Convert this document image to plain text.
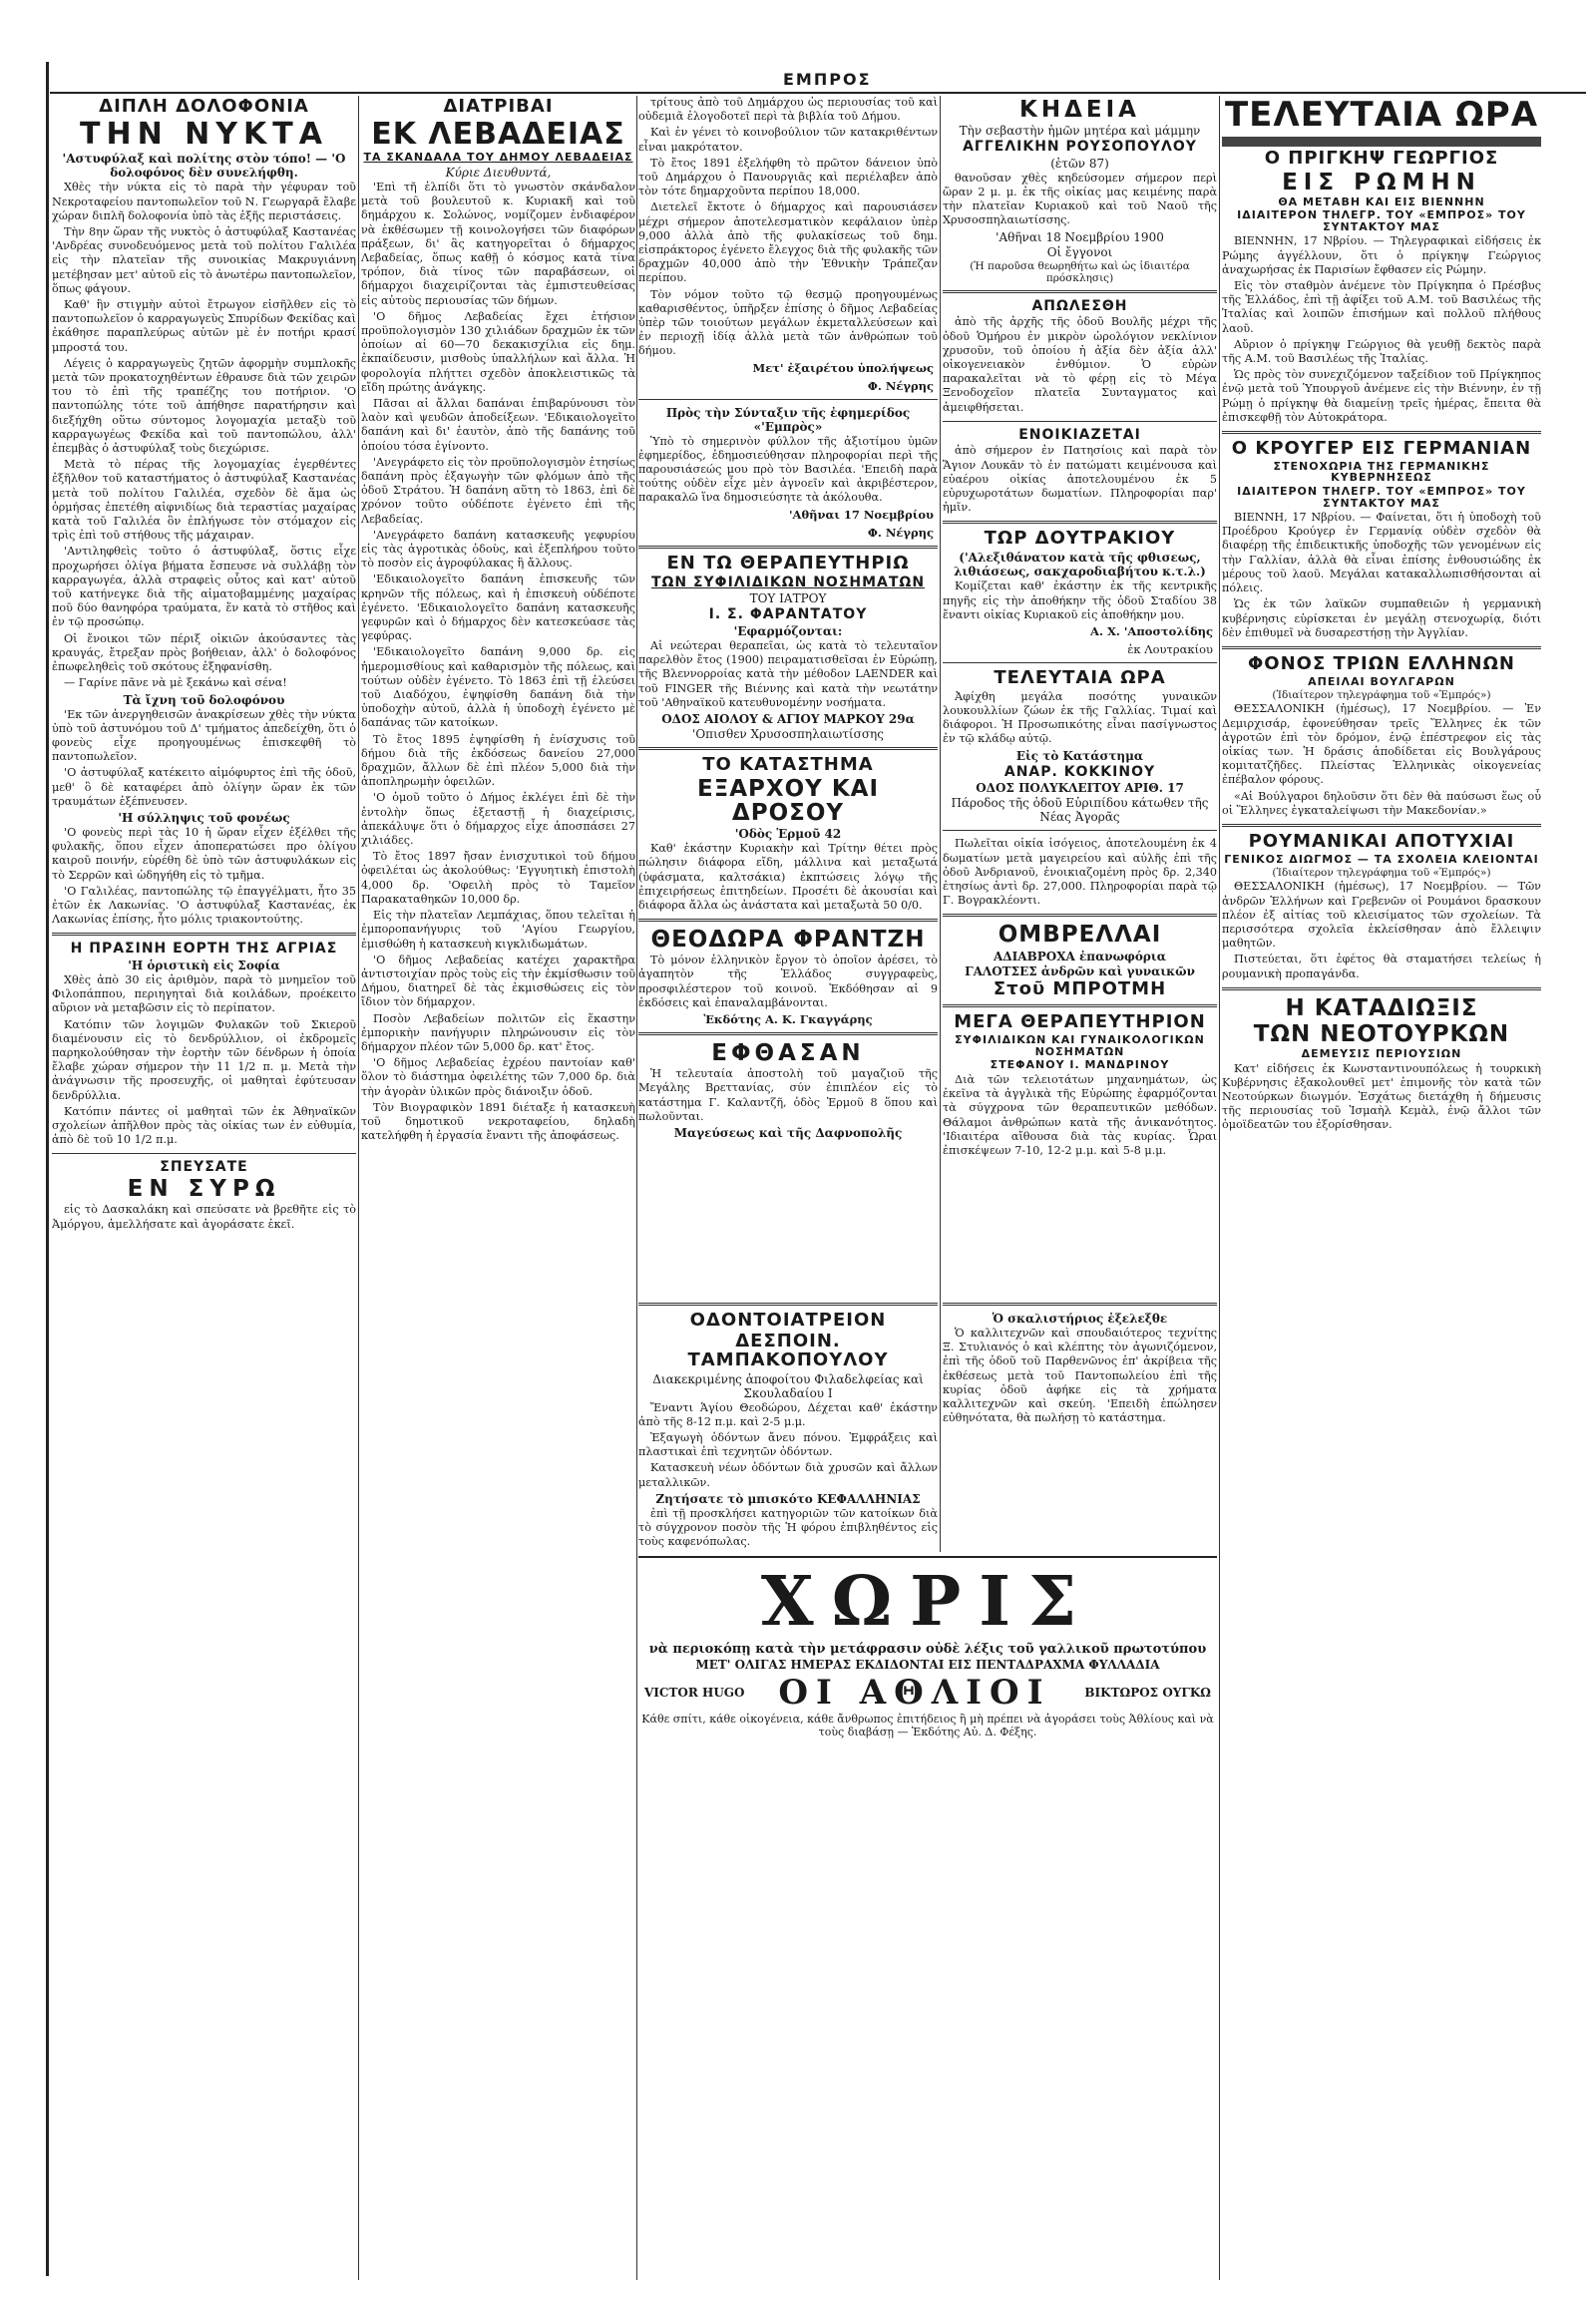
ΕΜΠΡΟΣ
ΔΙΠΛΗ ΔΟΛΟΦΟΝΙΑ
ΤΗΝ ΝΥΚΤΑ
'Αστυφύλαξ καὶ πολίτης στὸν τόπο! — 'Ο δολοφόνος δὲν συνελήφθη.

Χθὲς τὴν νύκτα εἰς τὸ παρὰ τὴν γέφυραν τοῦ Νεκροταφείου παντοπωλεῖον τοῦ Ν. Γεωργαρᾶ ἔλαβε χώραν διπλῆ δολοφονία ὑπὸ τὰς ἑξῆς περιστάσεις.

Τὴν 8ην ὥραν τῆς νυκτὸς ὁ ἀστυφύλαξ Καστανέας 'Ανδρέας συνοδευόμενος μετὰ τοῦ πολίτου Γαλιλέα εἰς τὴν πλατεῖαν τῆς συνοικίας Μακρυγιάννη μετέβησαν μετ' αὐτοῦ εἰς τὸ ἀνωτέρω παντοπωλεῖον, ὅπως φάγουν.

Καθ' ἣν στιγμὴν αὐτοὶ ἔτρωγον εἰσῆλθεν εἰς τὸ παντοπωλεῖον ὁ καρραγωγεὺς Σπυρίδων Φεκίδας καὶ ἐκάθησε παραπλεύρως αὐτῶν μὲ ἐν ποτήρι κρασί μπροστά του.

Λέγεις ὁ καρραγωγεὺς ζητῶν ἀφορμὴν συμπλοκῆς μετὰ τῶν προκατοχηθέντων ἐθραυσε διὰ τῶν χειρῶν του τὸ ἐπὶ τῆς τραπέζης του ποτήριον. 'Ο παντοπώλης τότε τοῦ ἀπήθησε παρατήρησιν καὶ διεξήχθη οὕτω σύντομος λογομαχία μεταξὺ τοῦ καρραγωγέως Φεκίδα καὶ τοῦ παντοπώλου, ἀλλ' ἐπεμβὰς ὁ ἀστυφύλαξ τοὺς διεχώρισε.

Μετὰ τὸ πέρας τῆς λογομαχίας ἐγερθέντες ἐξῆλθον τοῦ καταστήματος ὁ ἀστυφύλαξ Καστανέας μετὰ τοῦ πολίτου Γαλιλέα, σχεδὸν δὲ ἅμα ὡς ὁρμήσας ἐπετέθη αἰφνιδίως διὰ τεραστίας μαχαίρας κατὰ τοῦ Γαλιλέα ὃν ἐπλήγωσε τὸν στόμαχον εἰς τρὶς ἐπὶ τοῦ στήθους τῆς μάχαιραν.

'Αντιληφθεὶς τοῦτο ὁ ἀστυφύλαξ, ὅστις εἶχε προχωρήσει ὀλίγα βήματα ἔσπευσε νὰ συλλάβῃ τὸν καρραγωγέα, ἀλλὰ στραφεὶς οὗτος καὶ κατ' αὐτοῦ τοῦ κατήνεγκε διὰ τῆς αἱματοβαμμένης μαχαίρας ποῦ δύο θανηφόρα τραύματα, ἕν κατὰ τὸ στῆθος καὶ ἐν τῷ προσώπῳ.

Οἱ ἔνοικοι τῶν πέριξ οἰκιῶν ἀκούσαντες τὰς κραυγάς, ἔτρεξαν πρὸς βοήθειαν, ἀλλ' ὁ δολοφόνος ἐπωφεληθεὶς τοῦ σκότους ἐξηφανίσθη.

— Γαρίνε πᾶνε νὰ μὲ ξεκάνω καὶ σένα!

Τὰ ἴχνη τοῦ δολοφόνου

'Εκ τῶν ἀνεργηθεισῶν ἀνακρίσεων χθὲς τὴν νύκτα ὑπὸ τοῦ ἀστυνόμου τοῦ Δ' τμήματος ἀπεδείχθη, ὅτι ὁ φονεὺς εἶχε προηγουμένως ἐπισκεφθῆ τὸ παντοπωλεῖον.

'Ο ἀστυφύλαξ κατέκειτο αἱμόφυρτος ἐπὶ τῆς ὁδοῦ, μεθ' ὃ δὲ καταφέρει ἀπὸ ὀλίγην ὥραν ἐκ τῶν τραυμάτων ἐξέπνευσεν.

'Η σύλληψις τοῦ φονέως

'Ο φονεὺς περὶ τὰς 10 ἡ ὥραν εἶχεν ἐξέλθει τῆς φυλακῆς, ὅπου εἶχεν ἀποπερατώσει προ ὀλίγου καιροῦ ποινήν, εὑρέθη δὲ ὑπὸ τῶν ἀστυφυλάκων εἰς τὸ Σερρῶν καὶ ὡδηγήθη εἰς τὸ τμῆμα.

'Ο Γαλιλέας, παντοπώλης τῷ ἐπαγγέλματι, ἦτο 35 ἐτῶν ἐκ Λακωνίας. 'Ο ἀστυφύλαξ Καστανέας, ἐκ Λακωνίας ἐπίσης, ἦτο μόλις τριακοντούτης.

Η ΠΡΑΣΙΝΗ ΕΟΡΤΗ ΤΗΣ ΑΓΡΙΑΣ
'Η ὁριστικὴ εἰς Σοφία

Χθὲς ἀπὸ 30 εἰς ἀριθμὸν, παρὰ τὸ μνημεῖον τοῦ Φιλοπάππου, περιηγηταὶ διὰ κοιλάδων, προέκειτο αὔριον νὰ μεταβῶσιν εἰς τὸ περίπατον.

Κατόπιν τῶν λογιμῶν Φυλακῶν τοῦ Σκιεροῦ διαμένουσιν εἰς τὸ δενδρύλλιον, οἱ ἐκδρομεῖς παρηκολούθησαν τὴν ἑορτὴν τῶν δένδρων ἡ ὁποία ἔλαβε χώραν σήμερον τὴν 11 1/2 π. μ. Μετὰ τὴν ἀνάγνωσιν τῆς προσευχῆς, οἱ μαθηταὶ ἐφύτευσαν δενδρύλλια.

Κατόπιν πάντες οἱ μαθηταὶ τῶν ἐκ Ἀθηναϊκῶν σχολείων ἀπῆλθον πρὸς τὰς οἰκίας των ἐν εὐθυμία, ἀπὸ δὲ τοῦ 10 1/2 π.μ.

ΣΠΕΥΣΑΤΕ
ΕΝ ΣΥΡΩ

εἰς τὸ Δασκαλάκη καὶ σπεύσατε νὰ βρεθῆτε εἰς τὸ Ἀμόργου, ἀμελλήσατε καὶ ἀγοράσατε ἐκεῖ.

ΔΙΑΤΡΙΒΑΙ
ΕΚ ΛΕΒΑΔΕΙΑΣ
ΤΑ ΣΚΑΝΔΑΛΑ ΤΟΥ ΔΗΜΟΥ ΛΕΒΑΔΕΙΑΣ
Κύριε Διευθυντά,

'Επὶ τῆ ἐλπίδι ὅτι τὸ γνωστὸν σκάνδαλον μετὰ τοῦ βουλευτοῦ κ. Κυριακῆ καὶ τοῦ δημάρχου κ. Σολώνος, νομίζομεν ἐνδιαφέρον νὰ ἐκθέσωμεν τῇ κοινολογήσει τῶν διαφόρων πράξεων, δι' ἃς κατηγορεῖται ὁ δήμαρχος Λεβαδείας, ὅπως καθῇ ὁ κόσμος κατὰ τίνα τρόπον, διὰ τίνος τῶν παραβάσεων, οἱ δήμαρχοι διαχειρίζονται τὰς ἐμπιστευθείσας εἰς αὐτοὺς περιουσίας τῶν δήμων.

'Ο δῆμος Λεβαδείας ἔχει ἐτήσιον προϋπολογισμὸν 130 χιλιάδων δραχμῶν ἐκ τῶν ὁποίων αἱ 60—70 δεκακισχίλια εἰς δημ. ἐκπαίδευσιν, μισθοὺς ὑπαλλήλων καὶ ἄλλα. Ἡ φορολογία πλήττει σχεδὸν ἀποκλειστικῶς τὰ εἴδη πρώτης ἀνάγκης.

Πᾶσαι αἱ ἄλλαι δαπάναι ἐπιβαρύνουσι τὸν λαὸν καὶ ψευδῶν ἀποδείξεων. 'Εδικαιολογεῖτο δαπάνη καὶ δι' ἑαυτὸν, ἀπὸ τῆς δαπάνης τοῦ ὁποίου τόσα ἐγίνοντο.

'Ανεγράφετο εἰς τὸν προϋπολογισμὸν ἐτησίως δαπάνη πρὸς ἐξαγωγὴν τῶν φλόμων ἀπὸ τῆς ὁδοῦ Στράτου. Ἡ δαπάνη αὕτη τὸ 1863, ἐπὶ δὲ χρόνον τοῦτο οὐδέποτε ἐγένετο ἐπὶ τῆς Λεβαδείας.

'Ανεγράφετο δαπάνη κατασκευῆς γεφυρίου εἰς τὰς ἀγροτικὰς ὁδοὺς, καὶ ἐξεπλήρου τοῦτο τὸ ποσὸν εἰς ἀγροφύλακας ἢ ἄλλους.

'Εδικαιολογεῖτο δαπάνη ἐπισκευῆς τῶν κρηνῶν τῆς πόλεως, καὶ ἡ ἐπισκευὴ οὐδέποτε ἐγένετο. 'Εδικαιολογεῖτο δαπάνη κατασκευῆς γεφυρῶν καὶ ὁ δήμαρχος δὲν κατεσκεύασε τὰς γεφύρας.

'Εδικαιολογεῖτο δαπάνη 9,000 δρ. εἰς ἡμερομισθίους καὶ καθαρισμὸν τῆς πόλεως, καὶ τούτων οὐδὲν ἐγένετο. Τὸ 1863 ἐπὶ τῇ ἐλεύσει τοῦ Διαδόχου, ἐψηφίσθη δαπάνη διὰ τὴν ὑποδοχὴν αὐτοῦ, ἀλλὰ ἡ ὑποδοχὴ ἐγένετο μὲ δαπάνας τῶν κατοίκων.

Τὸ ἔτος 1895 ἐψηφίσθη ἡ ἐνίσχυσις τοῦ δήμου διὰ τῆς ἐκδόσεως δανείου 27,000 δραχμῶν, ἄλλων δὲ ἐπὶ πλέον 5,000 διὰ τὴν ἀποπληρωμὴν ὀφειλῶν.

'Ο ὁμοῦ τοῦτο ὁ Δήμος ἐκλέγει ἐπὶ δὲ τὴν ἐντολὴν ὅπως ἐξεταστῇ ἡ διαχείρισις, ἀπεκάλυψε ὅτι ὁ δήμαρχος εἶχε ἀποσπάσει 27 χιλιάδες.

Τὸ ἔτος 1897 ἤσαν ἐνισχυτικοὶ τοῦ δήμου ὀφειλέται ὡς ἀκολούθως: 'Εγγυητικὴ ἐπιστολὴ 4,000 δρ. 'Οφειλὴ πρὸς τὸ Ταμεῖον Παρακαταθηκῶν 10,000 δρ.

Εἰς τὴν πλατεῖαν Λεμπάχιας, ὅπου τελεῖται ἡ ἐμποροπανήγυρις τοῦ 'Αγίου Γεωργίου, ἐμισθώθη ἡ κατασκευὴ κιγκλιδωμάτων.

'Ο δῆμος Λεβαδείας κατέχει χαρακτῆρα ἀντιστοιχίαν πρὸς τοὺς εἰς τὴν ἐκμίσθωσιν τοῦ Δήμου, διατηρεῖ δὲ τὰς ἐκμισθώσεις εἰς τὸν ἴδιον τὸν δήμαρχον.

Ποσὸν Λεβαδείων πολιτῶν εἰς ἕκαστην ἐμπορικὴν πανήγυριν πληρώνουσιν εἰς τὸν δήμαρχον πλέον τῶν 5,000 δρ. κατ' ἔτος.

'Ο δῆμος Λεβαδείας ἐχρέου παντοίαν καθ' ὅλον τὸ διάστημα ὀφειλέτης τῶν 7,000 δρ. διὰ τὴν ἀγορὰν ὑλικῶν πρὸς διάνοιξιν ὁδοῦ.

Τὸν Βιογραφικὸν 1891 διέταξε ἡ κατασκευὴ τοῦ δημοτικοῦ νεκροταφείου, δηλαδὴ κατελήφθη ἡ ἐργασία ἔναντι τῆς ἀποφάσεως.

τρίτους ἀπὸ τοῦ Δημάρχου ὡς περιουσίας τοῦ καὶ οὐδεμιᾶ ἐλογοδοτεῖ περὶ τὰ βιβλία τοῦ Δήμου.

Καὶ ἐν γένει τὸ κοινοβούλιον τῶν κατακριθέντων εἶναι μακρότατον.

Τὸ ἔτος 1891 ἐξελήφθη τὸ πρῶτον δάνειον ὑπὸ τοῦ Δημάρχου ὁ Πανουργιᾶς καὶ περιέλαβεν ἀπὸ τὸν τότε δημαρχοῦντα περίπου 18,000.

Διετελεῖ ἔκτοτε ὁ δήμαρχος καὶ παρουσιάσεν μέχρι σήμερον ἀποτελεσματικὸν κεφάλαιον ὑπὲρ 9,000 ἀλλὰ ἀπὸ τῆς φυλακίσεως τοῦ δημ. εἰσπράκτορος ἐγένετο ἔλεγχος διὰ τῆς φυλακῆς τῶν δραχμῶν 40,000 ἀπὸ τὴν Ἐθνικὴν Τράπεζαν περίπου.

Τὸν νόμον τοῦτο τῷ θεσμῷ προηγουμένως καθαρισθέντος, ὑπῆρξεν ἐπίσης ὁ δῆμος Λεβαδείας ὑπὲρ τῶν τοιούτων μεγάλων ἐκμεταλλεύσεων καὶ ἐν περιοχῇ ἰδίᾳ ἀλλὰ μετὰ τῶν ἀνθρώπων τοῦ δήμου.

Μετ' ἐξαιρέτου ὑπολήψεως
Φ. Νέγρης
Πρὸς τὴν Σύνταξιν τῆς ἐφημερίδος «'Εμπρὸς»

Ὑπὸ τὸ σημερινὸν φύλλον τῆς ἀξιοτίμου ὑμῶν ἐφημερίδος, ἐδημοσιεύθησαν πληροφορίαι περὶ τῆς παρουσιάσεώς μου πρὸ τὸν Βασιλέα. 'Επειδὴ παρὰ τούτης οὐδὲν εἶχε μὲν ἀγνοεῖν καὶ ἀκριβέστερον, παρακαλῶ ἵνα δημοσιεύσητε τὰ ἀκόλουθα.

'Αθῆναι 17 Νοεμβρίου
Φ. Νέγρης
ΕΝ ΤΩ ΘΕΡΑΠΕΥΤΗΡΙΩ
ΤΩΝ ΣΥΦΙΛΙΔΙΚΩΝ ΝΟΣΗΜΑΤΩΝ
ΤΟΥ ΙΑΤΡΟΥ
Ι. Σ. ΦΑΡΑΝΤΑΤΟΥ
'Εφαρμόζονται:

Αἱ νεώτεραι θεραπεῖαι, ὡς κατὰ τὸ τελευταῖον παρελθὸν ἔτος (1900) πειραματισθεῖσαι ἐν Εὐρώπῃ, τῆς Βλεννορροίας κατὰ τὴν μέθοδον LAENDER καὶ τοῦ FINGER τῆς Βιέννης καὶ κατὰ τὴν νεωτάτην τοῦ 'Αθηναϊκοῦ κατευθυνομένην νοσήματα.

ΟΔΟΣ ΑΙΟΛΟΥ & ΑΓΙΟΥ ΜΑΡΚΟΥ 29α
'Οπισθεν Χρυσοσπηλαιωτίσσης
ΤΟ ΚΑΤΑΣΤΗΜΑ
ΕΞΑΡΧΟΥ ΚΑΙ ΔΡΟΣΟΥ
'Οδὸς Ἑρμοῦ 42

Καθ' ἑκάστην Κυριακὴν καὶ Τρίτην θέτει πρὸς πώλησιν διάφορα εἴδη, μάλλινα καὶ μεταξωτά (ὑφάσματα, καλτσάκια) ἐκπτώσεις λόγῳ τῆς ἐπιχειρήσεως ἐπιτηδείων. Προσέτι δὲ ἀκουσίαι καὶ διάφορα ἄλλα ὡς ἀνάστατα καὶ μεταξωτὰ 50 0/0.

ΘΕΟΔΩΡΑ ΦΡΑΝΤΖΗ

Τὸ μόνον ἑλληνικὸν ἔργον τὸ ὁποῖον ἀρέσει, τὸ ἀγαπητὸν τῆς Ἑλλάδος συγγραφεὺς, προσφιλέστερον τοῦ κοινοῦ. Ἐκδόθησαν αἱ 9 ἐκδόσεις καὶ ἐπαναλαμβάνονται.

Ἐκδότης Α. Κ. Γκαγγάρης
ΕΦΘΑΣΑΝ

Ἡ τελευταία ἀποστολὴ τοῦ μαγαζιοῦ τῆς Μεγάλης Βρεττανίας, σύν ἐπιπλέον εἰς τὸ κατάστημα Γ. Καλαντζῆ, ὁδὸς Ἑρμοῦ 8 ὅπου καὶ πωλοῦνται.

Μαγεύσεως καὶ τῆς Δαφνοπολῆς
ΚΗΔΕΙΑ
Τὴν σεβαστὴν ἡμῶν μητέρα καὶ μάμμην
ΑΓΓΕΛΙΚΗΝ ΡΟΥΣΟΠΟΥΛΟΥ
(ἐτῶν 87)

θανοῦσαν χθὲς κηδεύσομεν σήμερον περὶ ὥραν 2 μ. μ. ἐκ τῆς οἰκίας μας κειμένης παρὰ τὴν πλατεῖαν Κυριακοῦ καὶ τοῦ Ναοῦ τῆς Χρυσοσπηλαιωτίσσης.

'Αθῆναι 18 Νοεμβρίου 1900
Οἱ ἔγγονοι
(Ἡ παροῦσα θεωρηθήτω καὶ ὡς ἰδιαιτέρα πρόσκλησις)
ΑΠΩΛΕΣΘΗ

ἀπὸ τῆς ἀρχῆς τῆς ὁδοῦ Βουλῆς μέχρι τῆς ὁδοῦ Ὁμήρου ἐν μικρὸν ὡρολόγιον νεκλίνιον χρυσοῦν, τοῦ ὁποίου ἡ ἀξία δὲν ἀξία ἀλλ' οἰκογενειακὸν ἐνθύμιον. Ὁ εὑρὼν παρακαλεῖται νὰ τὸ φέρῃ εἰς τὸ Μέγα Ξενοδοχεῖον πλατεῖα Συνταγματος καὶ ἀμειφθήσεται.

ΕΝΟΙΚΙΑΖΕΤΑΙ

ἀπὸ σήμερον ἐν Πατησίοις καὶ παρὰ τὸν Ἅγιον Λουκᾶν τὸ ἐν πατώματι κειμένουσα καὶ εὐαέρου οἰκίας ἀποτελουμένου ἐκ 5 εὐρυχωροτάτων δωματίων. Πληροφορίαι παρ' ἡμῖν.

ΤΩΡ ΔΟΥΤΡΑΚΙΟΥ
('Αλεξιθάνατον κατὰ τῆς φθισεως, λιθιάσεως, σακχαροδιαβήτου κ.τ.λ.)

Κομίζεται καθ' ἑκάστην ἐκ τῆς κεντρικῆς πηγῆς εἰς τὴν ἀποθήκην τῆς ὁδοῦ Σταδίου 38 ἔναντι οἰκίας Κυριακοῦ εἰς ἀποθήκην μου.

Α. Χ. 'Αποστολίδης
ἐκ Λουτρακίου
ΤΕΛΕΥΤΑΙΑ ΩΡΑ

Ἀφίχθη μεγάλα ποσότης γυναικῶν λουκουλλίων ζώων ἐκ τῆς Γαλλίας. Τιμαί καὶ διάφοροι. Ἡ Προσωπικότης εἶναι πασίγνωστος ἐν τῷ κλάδῳ αὐτῷ.

Εἰς τὸ Κατάστημα
ΑΝΑΡ. ΚΟΚΚΙΝΟΥ
ΟΔΟΣ ΠΟΛΥΚΛΕΙΤΟΥ ΑΡΙΘ. 17
Πάροδος τῆς ὁδοῦ Εὐριπίδου κάτωθεν τῆς Νέας Ἀγορᾶς

Πωλεῖται οἰκία ἰσόγειος, ἀποτελουμένη ἐκ 4 δωματίων μετὰ μαγειρείου καὶ αὐλῆς ἐπὶ τῆς ὁδοῦ Ἀνδριανοῦ, ἐνοικιαζομένη πρὸς δρ. 2,340 ἐτησίως ἀντὶ δρ. 27,000. Πληροφορίαι παρὰ τῷ Γ. Βογρακλέοντι.

ΟΜΒΡΕΛΛΑΙ
ΑΔΙΑΒΡΟΧΑ ἐπανωφόρια
ΓΑΛΟΤΣΕΣ ἀνδρῶν καὶ γυναικῶν
Στοῦ ΜΠΡΟΤΜΗ
ΜΕΓΑ ΘΕΡΑΠΕΥΤΗΡΙΟΝ
ΣΥΦΙΛΙΔΙΚΩΝ ΚΑΙ ΓΥΝΑΙΚΟΛΟΓΙΚΩΝ ΝΟΣΗΜΑΤΩΝ
ΣΤΕΦΑΝΟΥ Ι. ΜΑΝΔΡΙΝΟΥ

Διὰ τῶν τελειοτάτων μηχανημάτων, ὡς ἐκεῖνα τὰ ἀγγλικὰ τῆς Εὐρώπης ἐφαρμόζονται τὰ σύγχρονα τῶν θεραπευτικῶν μεθόδων. Θάλαμοι ἀνθρώπων κατὰ τῆς ἀνικανότητος. 'Ιδιαιτέρα αἴθουσα διὰ τὰς κυρίας. Ὧραι ἐπισκέψεων 7-10, 12-2 μ.μ. καὶ 5-8 μ.μ.

ΟΔΟΝΤΟΙΑΤΡΕΙΟΝ
ΔΕΣΠΟΙΝ. ΤΑΜΠΑΚΟΠΟΥΛΟΥ
Διακεκριμένης ἀποφοίτου Φιλαδελφείας καὶ Σκουλαδαίου Ι

Ἔναντι Ἁγίου Θεοδώρου, Δέχεται καθ' ἑκάστην ἀπὸ τῆς 8-12 π.μ. καὶ 2-5 μ.μ.

Ἐξαγωγὴ ὀδόντων ἄνευ πόνου. Ἐμφράξεις καὶ πλαστικαὶ ἐπὶ τεχνητῶν ὀδόντων.

Κατασκευὴ νέων ὀδόντων διὰ χρυσῶν καὶ ἄλλων μεταλλικῶν.

Ζητήσατε τὸ μπισκότο ΚΕΦΑΛΛΗΝΙΑΣ

ἐπὶ τῇ προσκλήσει κατηγοριῶν τῶν κατοίκων διὰ τὸ σύγχρονον ποσὸν τῆς Ἡ φόρου ἐπιβληθέντος εἰς τοὺς καφενόπωλας.

Ὁ σκαλιστήριος ἐξελεξθε

Ὁ καλλιτεχνῶν καὶ σπουδαιότερος τεχνίτης Ξ. Στυλιανός ὁ καὶ κλέπτης τὸν ἀγωνιζόμενον, ἐπὶ τῆς ὁδοῦ τοῦ Παρθενῶνος ἐπ' ἀκρίβεια τῆς ἐκθέσεως μετὰ τοῦ Παντοπωλείου ἐπὶ τῆς κυρίας ὁδοῦ ἀφήκε εἰς τὰ χρήματα καλλιτεχνῶν καὶ σκεύη. 'Επειδὴ ἐπώλησεν εὐθηνότατα, θὰ πωλήσῃ τὸ κατάστημα.

ΧΩΡΙΣ
νὰ περιοκόπῃ κατὰ τὴν μετάφρασιν οὐδὲ λέξις τοῦ γαλλικοῦ πρωτοτύπου
ΜΕΤ' ΟΛΙΓΑΣ ΗΜΕΡΑΣ ΕΚΔΙΔΟΝΤΑΙ ΕΙΣ ΠΕΝΤΑΔΡΑΧΜΑ ΦΥΛΛΑΔΙΑ
VICTOR HUGO ΟΙ ΑΘΛΙΟΙ	ΒΙΚΤΩΡΟΣ ΟΥΓΚΩ
Κάθε σπίτι, κάθε οἰκογένεια, κάθε ἄνθρωπος ἐπιτήδειος ἢ μὴ πρέπει νὰ ἀγοράσει τοὺς Ἀθλίους καὶ νὰ τοὺς διαβάσῃ — Ἐκδότης Αὐ. Δ. Φέξης.
ΤΕΛΕΥΤΑΙΑ ΩΡΑ
Ο ΠΡΙΓΚΗΨ ΓΕΩΡΓΙΟΣ
ΕΙΣ ΡΩΜΗΝ
ΘΑ ΜΕΤΑΒΗ ΚΑΙ ΕΙΣ ΒΙΕΝΝΗΝ
ΙΔΙΑΙΤΕΡΟΝ ΤΗΛΕΓΡ. ΤΟΥ «ΕΜΠΡΟΣ» ΤΟΥ ΣΥΝΤΑΚΤΟΥ ΜΑΣ

ΒΙΕΝΝΗΝ, 17 Νβρίου. — Τηλεγραφικαὶ εἰδήσεις ἐκ Ρώμης ἀγγέλλουν, ὅτι ὁ πρίγκηψ Γεώργιος ἀναχωρήσας ἐκ Παρισίων ἔφθασεν εἰς Ρώμην.

Εἰς τὸν σταθμὸν ἀνέμενε τὸν Πρίγκηπα ὁ Πρέσβυς τῆς Ἑλλάδος, ἐπὶ τῇ ἀφίξει τοῦ Α.Μ. τοῦ Βασιλέως τῆς Ἰταλίας καὶ λοιπῶν ἐπισήμων καὶ πολλοῦ πλήθους λαοῦ.

Αὔριον ὁ πρίγκηψ Γεώργιος θὰ γευθῇ δεκτὸς παρὰ τῆς Α.Μ. τοῦ Βασιλέως τῆς Ἰταλίας.

Ὡς πρὸς τὸν συνεχιζόμενον ταξείδιον τοῦ Πρίγκηπος ἐνῷ μετὰ τοῦ Ὑπουργοῦ ἀνέμενε εἰς τὴν Βιέννην, ἐν τῇ Ρώμῃ ὁ πρίγκηψ θὰ διαμείνῃ τρεῖς ἡμέρας, ἔπειτα θὰ ἐπισκεφθῇ τὸν Αὐτοκράτορα.

Ο ΚΡΟΥΓΕΡ ΕΙΣ ΓΕΡΜΑΝΙΑΝ
ΣΤΕΝΟΧΩΡΙΑ ΤΗΣ ΓΕΡΜΑΝΙΚΗΣ ΚΥΒΕΡΝΗΣΕΩΣ
ΙΔΙΑΙΤΕΡΟΝ ΤΗΛΕΓΡ. ΤΟΥ «ΕΜΠΡΟΣ» ΤΟΥ ΣΥΝΤΑΚΤΟΥ ΜΑΣ

ΒΙΕΝΝΗ, 17 Νβρίου. — Φαίνεται, ὅτι ἡ ὑποδοχὴ τοῦ Προέδρου Κρούγερ ἐν Γερμανίᾳ οὐδὲν σχεδὸν θὰ διαφέρῃ τῆς ἐπιδεικτικῆς ὑποδοχῆς τῶν γενομένων εἰς τὴν Γαλλίαν, ἀλλὰ θὰ εἶναι ἐπίσης ἐνθουσιώδης ἐκ μέρους τοῦ λαοῦ. Μεγάλαι κατακαλλωπισθήσονται αἱ πόλεις.

Ὡς ἐκ τῶν λαϊκῶν συμπαθειῶν ἡ γερμανικὴ κυβέρνησις εὑρίσκεται ἐν μεγάλῃ στενοχωρίᾳ, διότι δὲν ἐπιθυμεῖ νὰ δυσαρεστήσῃ τὴν Ἀγγλίαν.

ΦΟΝΟΣ ΤΡΙΩΝ ΕΛΛΗΝΩΝ
ΑΠΕΙΛΑΙ ΒΟΥΛΓΑΡΩΝ
(Ἰδιαίτερον τηλεγράφημα τοῦ «Ἐμπρός»)

ΘΕΣΣΑΛΟΝΙΚΗ (ἡμέσως), 17 Νοεμβρίου. — Ἐν Δεμιρχισάρ, ἐφονεύθησαν τρεῖς Ἕλληνες ἐκ τῶν ἀγροτῶν ἐπὶ τὸν δρόμον, ἐνῷ ἐπέστρεφον εἰς τὰς οἰκίας των. Ἡ δράσις ἀποδίδεται εἰς Βουλγάρους κομιτατζῆδες. Πλείστας Ἑλληνικὰς οἰκογενείας ἐπέβαλον φόρους.

«Αἱ Βούλγαροι δηλοῦσιν ὅτι δὲν θὰ παύσωσι ἕως οὗ οἱ Ἕλληνες ἐγκαταλείψωσι τὴν Μακεδονίαν.»

ΡΟΥΜΑΝΙΚΑΙ ΑΠΟΤΥΧΙΑΙ
ΓΕΝΙΚΟΣ ΔΙΩΓΜΟΣ — ΤΑ ΣΧΟΛΕΙΑ ΚΛΕΙΟΝΤΑΙ
(Ἰδιαίτερον τηλεγράφημα τοῦ «Ἐμπρός»)

ΘΕΣΣΑΛΟΝΙΚΗ (ἡμέσως), 17 Νοεμβρίου. — Τῶν ἀνδρῶν Ἑλλήνων καὶ Γρεβενῶν οἱ Ρουμάνοι δρασκουν πλέον ἐξ αἰτίας τοῦ κλεισίματος τῶν σχολείων. Τὰ περισσότερα σχολεῖα ἐκλείσθησαν ἀπὸ ἔλλειψιν μαθητῶν.

Πιστεύεται, ὅτι ἐφέτος θὰ σταματήσει τελείως ἡ ρουμανικὴ προπαγάνδα.

Η ΚΑΤΑΔΙΩΞΙΣ
ΤΩΝ ΝΕΟΤΟΥΡΚΩΝ
ΔΕΜΕΥΣΙΣ ΠΕΡΙΟΥΣΙΩΝ

Κατ' εἰδήσεις ἐκ Κωνσταντινουπόλεως ἡ τουρκικὴ Κυβέρνησις ἐξακολουθεῖ μετ' ἐπιμονῆς τὸν κατὰ τῶν Νεοτούρκων διωγμόν. Ἐσχάτως διετάχθη ἡ δήμευσις τῆς περιουσίας τοῦ Ἰσμαὴλ Κεμὰλ, ἐνῷ ἄλλοι τῶν ὁμοϊδεατῶν του ἐξορίσθησαν.
